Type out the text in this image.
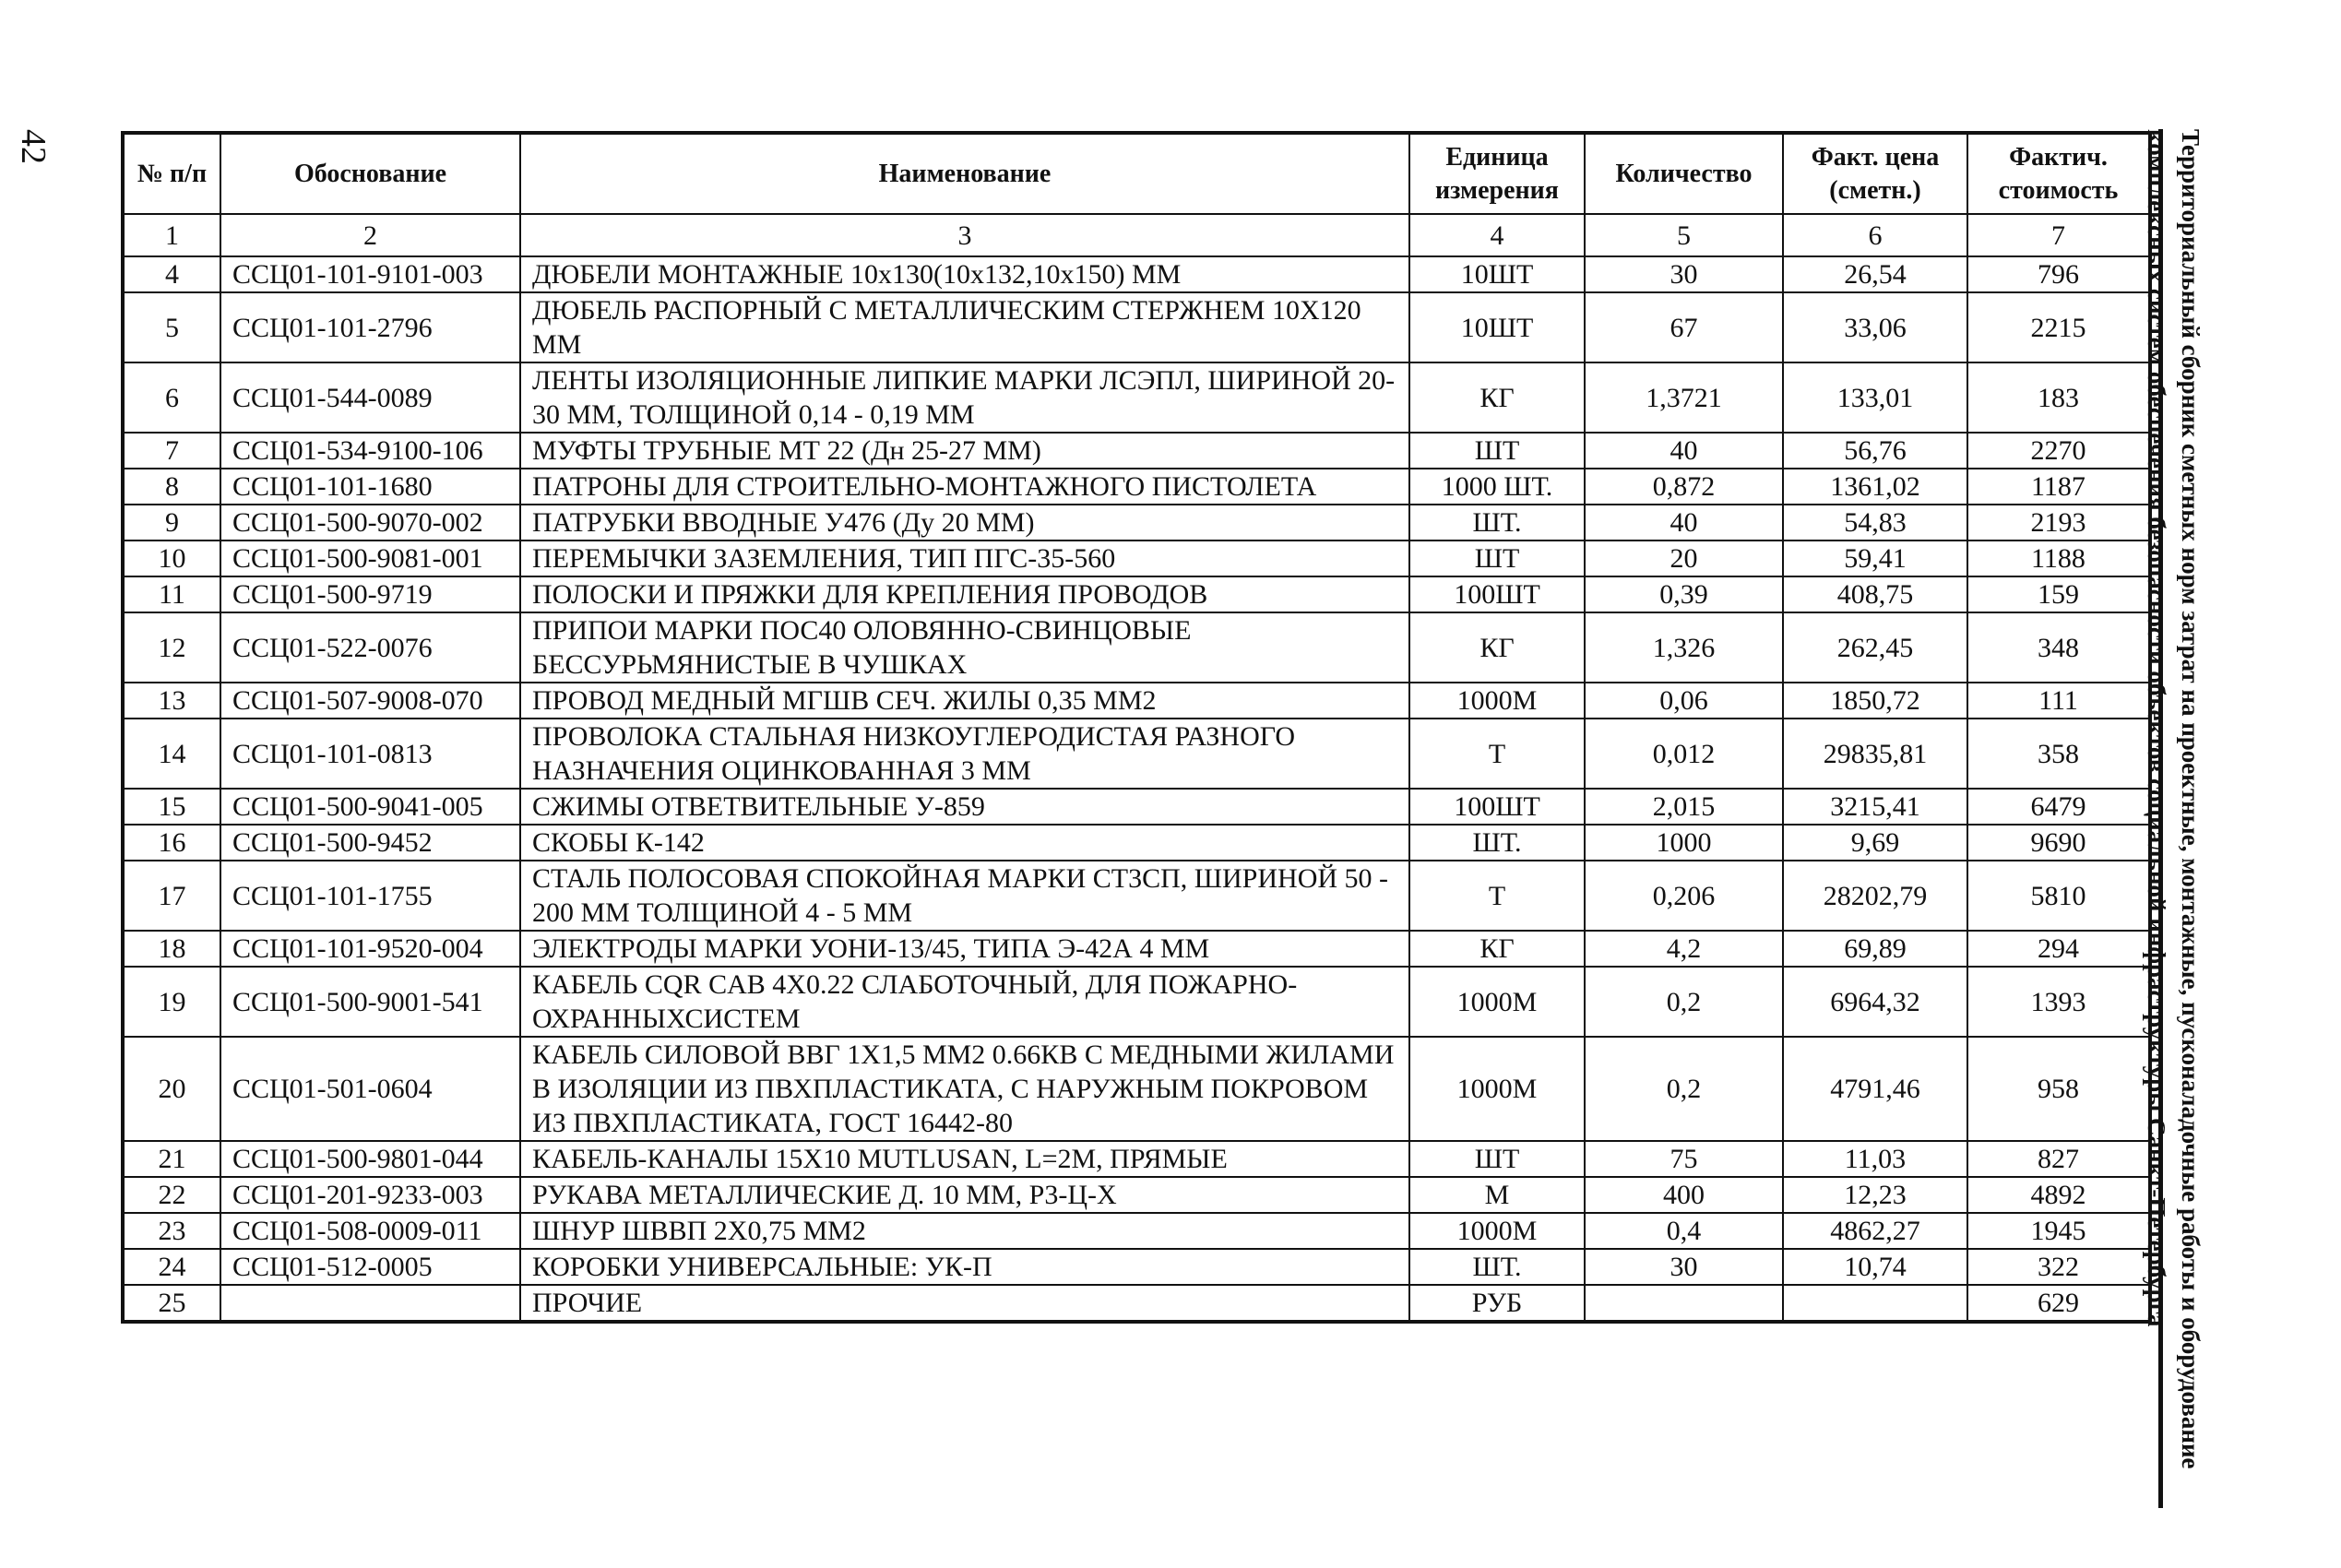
42
№ п/п	Обоснование	Наименование	Единица измерения	Количество	Факт. цена (сметн.)	Фактич. стоимость
1	2	3	4	5	6	7
4	ССЦ01-101-9101-003	ДЮБЕЛИ МОНТАЖНЫЕ 10x130(10x132,10x150) ММ	10ШТ	30	26,54	796
5	ССЦ01-101-2796	ДЮБЕЛЬ РАСПОРНЫЙ С МЕТАЛЛИЧЕСКИМ СТЕРЖНЕМ 10Х120 ММ	10ШТ	67	33,06	2215
6	ССЦ01-544-0089	ЛЕНТЫ ИЗОЛЯЦИОННЫЕ ЛИПКИЕ МАРКИ ЛСЭПЛ, ШИРИНОЙ 20-30 ММ, ТОЛЩИНОЙ 0,14 - 0,19 ММ	КГ	1,3721	133,01	183
7	ССЦ01-534-9100-106	МУФТЫ ТРУБНЫЕ МТ 22 (Дн 25-27 ММ)	ШТ	40	56,76	2270
8	ССЦ01-101-1680	ПАТРОНЫ ДЛЯ СТРОИТЕЛЬНО-МОНТАЖНОГО ПИСТОЛЕТА	1000 ШТ.	0,872	1361,02	1187
9	ССЦ01-500-9070-002	ПАТРУБКИ ВВОДНЫЕ У476 (Ду 20 ММ)	ШТ.	40	54,83	2193
10	ССЦ01-500-9081-001	ПЕРЕМЫЧКИ ЗАЗЕМЛЕНИЯ, ТИП ПГС-35-560	ШТ	20	59,41	1188
11	ССЦ01-500-9719	ПОЛОСКИ И ПРЯЖКИ ДЛЯ КРЕПЛЕНИЯ ПРОВОДОВ	100ШТ	0,39	408,75	159
12	ССЦ01-522-0076	ПРИПОИ МАРКИ ПОС40 ОЛОВЯННО-СВИНЦОВЫЕ БЕССУРЬМЯНИСТЫЕ В ЧУШКАХ	КГ	1,326	262,45	348
13	ССЦ01-507-9008-070	ПРОВОД МЕДНЫЙ МГШВ СЕЧ. ЖИЛЫ 0,35 ММ2	1000М	0,06	1850,72	111
14	ССЦ01-101-0813	ПРОВОЛОКА СТАЛЬНАЯ НИЗКОУГЛЕРОДИСТАЯ РАЗНОГО НАЗНАЧЕНИЯ ОЦИНКОВАННАЯ 3 ММ	Т	0,012	29835,81	358
15	ССЦ01-500-9041-005	СЖИМЫ ОТВЕТВИТЕЛЬНЫЕ У-859	100ШТ	2,015	3215,41	6479
16	ССЦ01-500-9452	СКОБЫ К-142	ШТ.	1000	9,69	9690
17	ССЦ01-101-1755	СТАЛЬ ПОЛОСОВАЯ СПОКОЙНАЯ МАРКИ СТ3СП, ШИРИНОЙ 50 - 200 ММ ТОЛЩИНОЙ 4 - 5 ММ	Т	0,206	28202,79	5810
18	ССЦ01-101-9520-004	ЭЛЕКТРОДЫ МАРКИ УОНИ-13/45, ТИПА Э-42А 4 ММ	КГ	4,2	69,89	294
19	ССЦ01-500-9001-541	КАБЕЛЬ CQR CAB 4Х0.22 СЛАБОТОЧНЫЙ, ДЛЯ ПОЖАРНО-ОХРАННЫХСИСТЕМ	1000М	0,2	6964,32	1393
20	ССЦ01-501-0604	КАБЕЛЬ СИЛОВОЙ ВВГ 1Х1,5 ММ2 0.66КВ С МЕДНЫМИ ЖИЛАМИ В ИЗОЛЯЦИИ ИЗ ПВХПЛАСТИКАТА, С НАРУЖНЫМ ПОКРОВОМ ИЗ ПВХПЛАСТИКАТА, ГОСТ 16442-80	1000М	0,2	4791,46	958
21	ССЦ01-500-9801-044	КАБЕЛЬ-КАНАЛЫ 15Х10 MUTLUSAN, L=2M, ПРЯМЫЕ	ШТ	75	11,03	827
22	ССЦ01-201-9233-003	РУКАВА МЕТАЛЛИЧЕСКИЕ Д. 10 ММ, Р3-Ц-Х	М	400	12,23	4892
23	ССЦ01-508-0009-011	ШНУР ШВВП 2Х0,75 ММ2	1000М	0,4	4862,27	1945
24	ССЦ01-512-0005	КОРОБКИ УНИВЕРСАЛЬНЫЕ: УК-П	ШТ.	30	10,74	322
25		ПРОЧИЕ	РУБ			629	Территориальный сборник сметных норм затрат на проектные, монтажные, пусконаладочные работы и оборудование
комплексных систем обеспечения безопасности объектов социальной инфраструктуры Санкт-Петербурга
